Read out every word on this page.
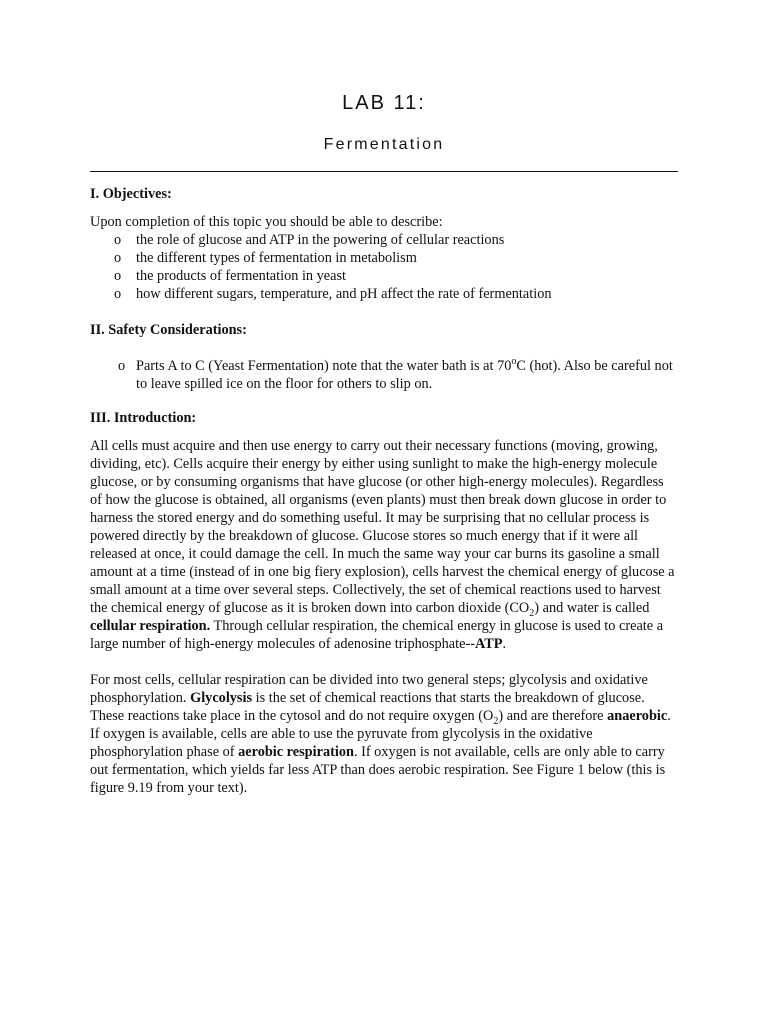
LAB 11:
Fermentation

I. Objectives:

Upon completion of this topic you should be able to describe:

o the role of glucose and ATP in the powering of cellular reactions
o the different types of fermentation in metabolism
o the products of fermentation in yeast
o how different sugars, temperature, and pH affect the rate of fermentation

II. Safety Considerations:

o Parts A to C (Yeast Fermentation) note that the water bath is at 70$^o$C (hot). Also be careful not to leave spilled ice on the floor for others to slip on.

III. Introduction:

All cells must acquire and then use energy to carry out their necessary functions (moving, growing, dividing, etc). Cells acquire their energy by either using sunlight to make the high-energy molecule glucose, or by consuming organisms that have glucose (or other high-energy molecules). Regardless of how the glucose is obtained, all organisms (even plants) must then break down glucose in order to harness the stored energy and do something useful. It may be surprising that no cellular process is powered directly by the breakdown of glucose. Glucose stores so much energy that if it were all released at once, it could damage the cell. In much the same way your car burns its gasoline a small amount at a time (instead of in one big fiery explosion), cells harvest the chemical energy of glucose a small amount at a time over several steps. Collectively, the set of chemical reactions used to harvest the chemical energy of glucose as it is broken down into carbon dioxide $(CO_2)$ and water is called cellular respiration. Through cellular respiration, the chemical energy in glucose is used to create a large number of high-energy molecules of adenosine triphosphate--ATP.

For most cells, cellular respiration can be divided into two general steps; glycolysis and oxidative phosphorylation. Glycolysis is the set of chemical reactions that starts the breakdown of glucose. These reactions take place in the cytosol and do not require oxygen $(O_2)$ and are therefore anaerobic. If oxygen is available, cells are able to use the pyruvate from glycolysis in the oxidative phosphorylation phase of aerobic respiration. If oxygen is not available, cells are only able to carry out fermentation, which yields far less ATP than does aerobic respiration. See Figure 1 below (this is figure 9.19 from your text).
